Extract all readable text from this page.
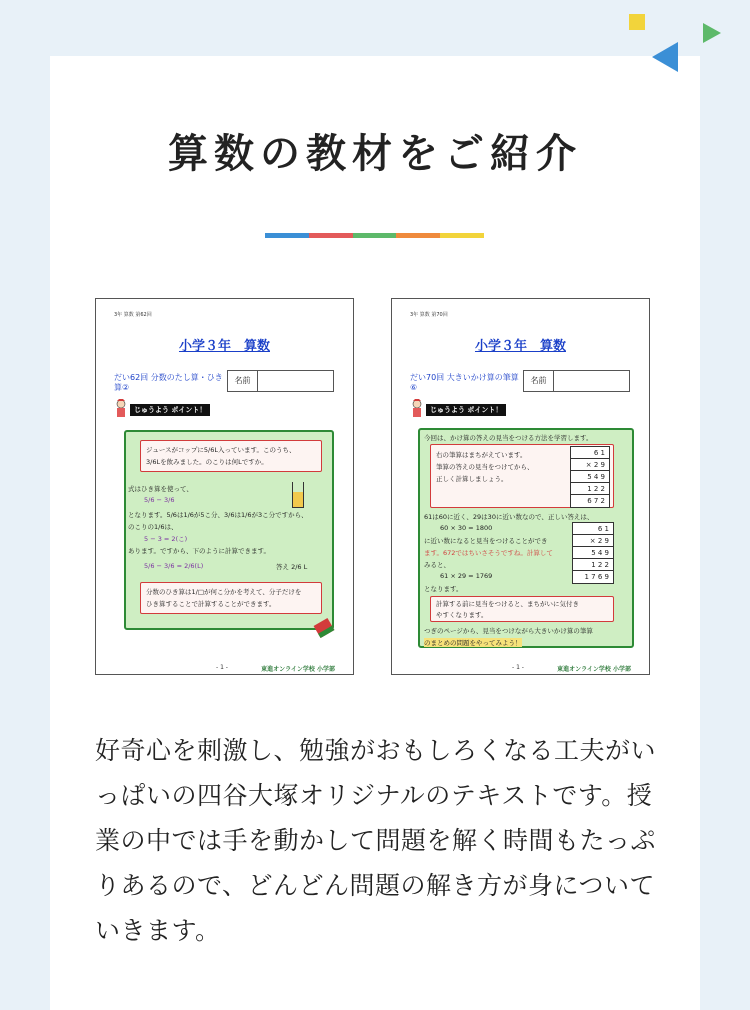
算数の教材をご紹介
3年 算数 第62回
小学３年　算数
だい62回 分数のたし算・ひき算②
名前
じゅうよう ポイント！
ジュースがコップに5/6L入っています。このうち、
3/6Lを飲みました。のこりは何Lですか。
式はひき算を使って、
5/6 − 3/6
となります。5/6は1/6が5こ分、3/6は1/6が3こ分ですから、
のこりの1/6は、
5 − 3 = 2(こ)
あります。ですから、下のように計算できます。
5/6 − 3/6 = 2/6(L)	答え 2/6 L
分数のひき算は1/□が何こ分かを考えて、分子だけを
ひき算することで計算することができます。
- 1 -	東進オンライン学校 小学部
3年 算数 第70回
小学３年　算数
だい70回 大きいかけ算の筆算⑥
名前
じゅうよう ポイント！
今回は、かけ算の答えの見当をつける方法を学習します。
右の筆算はまちがえています。
筆算の答えの見当をつけてから、
正しく計算しましょう。
6 1
× 2 9
5 4 9
1 2 2
6 7 2
61は60に近く、29は30に近い数なので、正しい答えは、
60 × 30 = 1800
に近い数になると見当をつけることができ
ます。672ではちいさそうですね。計算して
みると、
61 × 29 = 1769
となります。
6 1
× 2 9
5 4 9
1 2 2
1 7 6 9
計算する前に見当をつけると、まちがいに気付き
やすくなります。
つぎのページから、見当をつけながら大きいかけ算の筆算
のまとめの問題をやってみよう！
- 1 -	東進オンライン学校 小学部

好奇心を刺激し、勉強がおもしろくなる工夫がいっぱいの四谷大塚オリジナルのテキストです。授業の中では手を動かして問題を解く時間もたっぷりあるので、どんどん問題の解き方が身についていきます。
